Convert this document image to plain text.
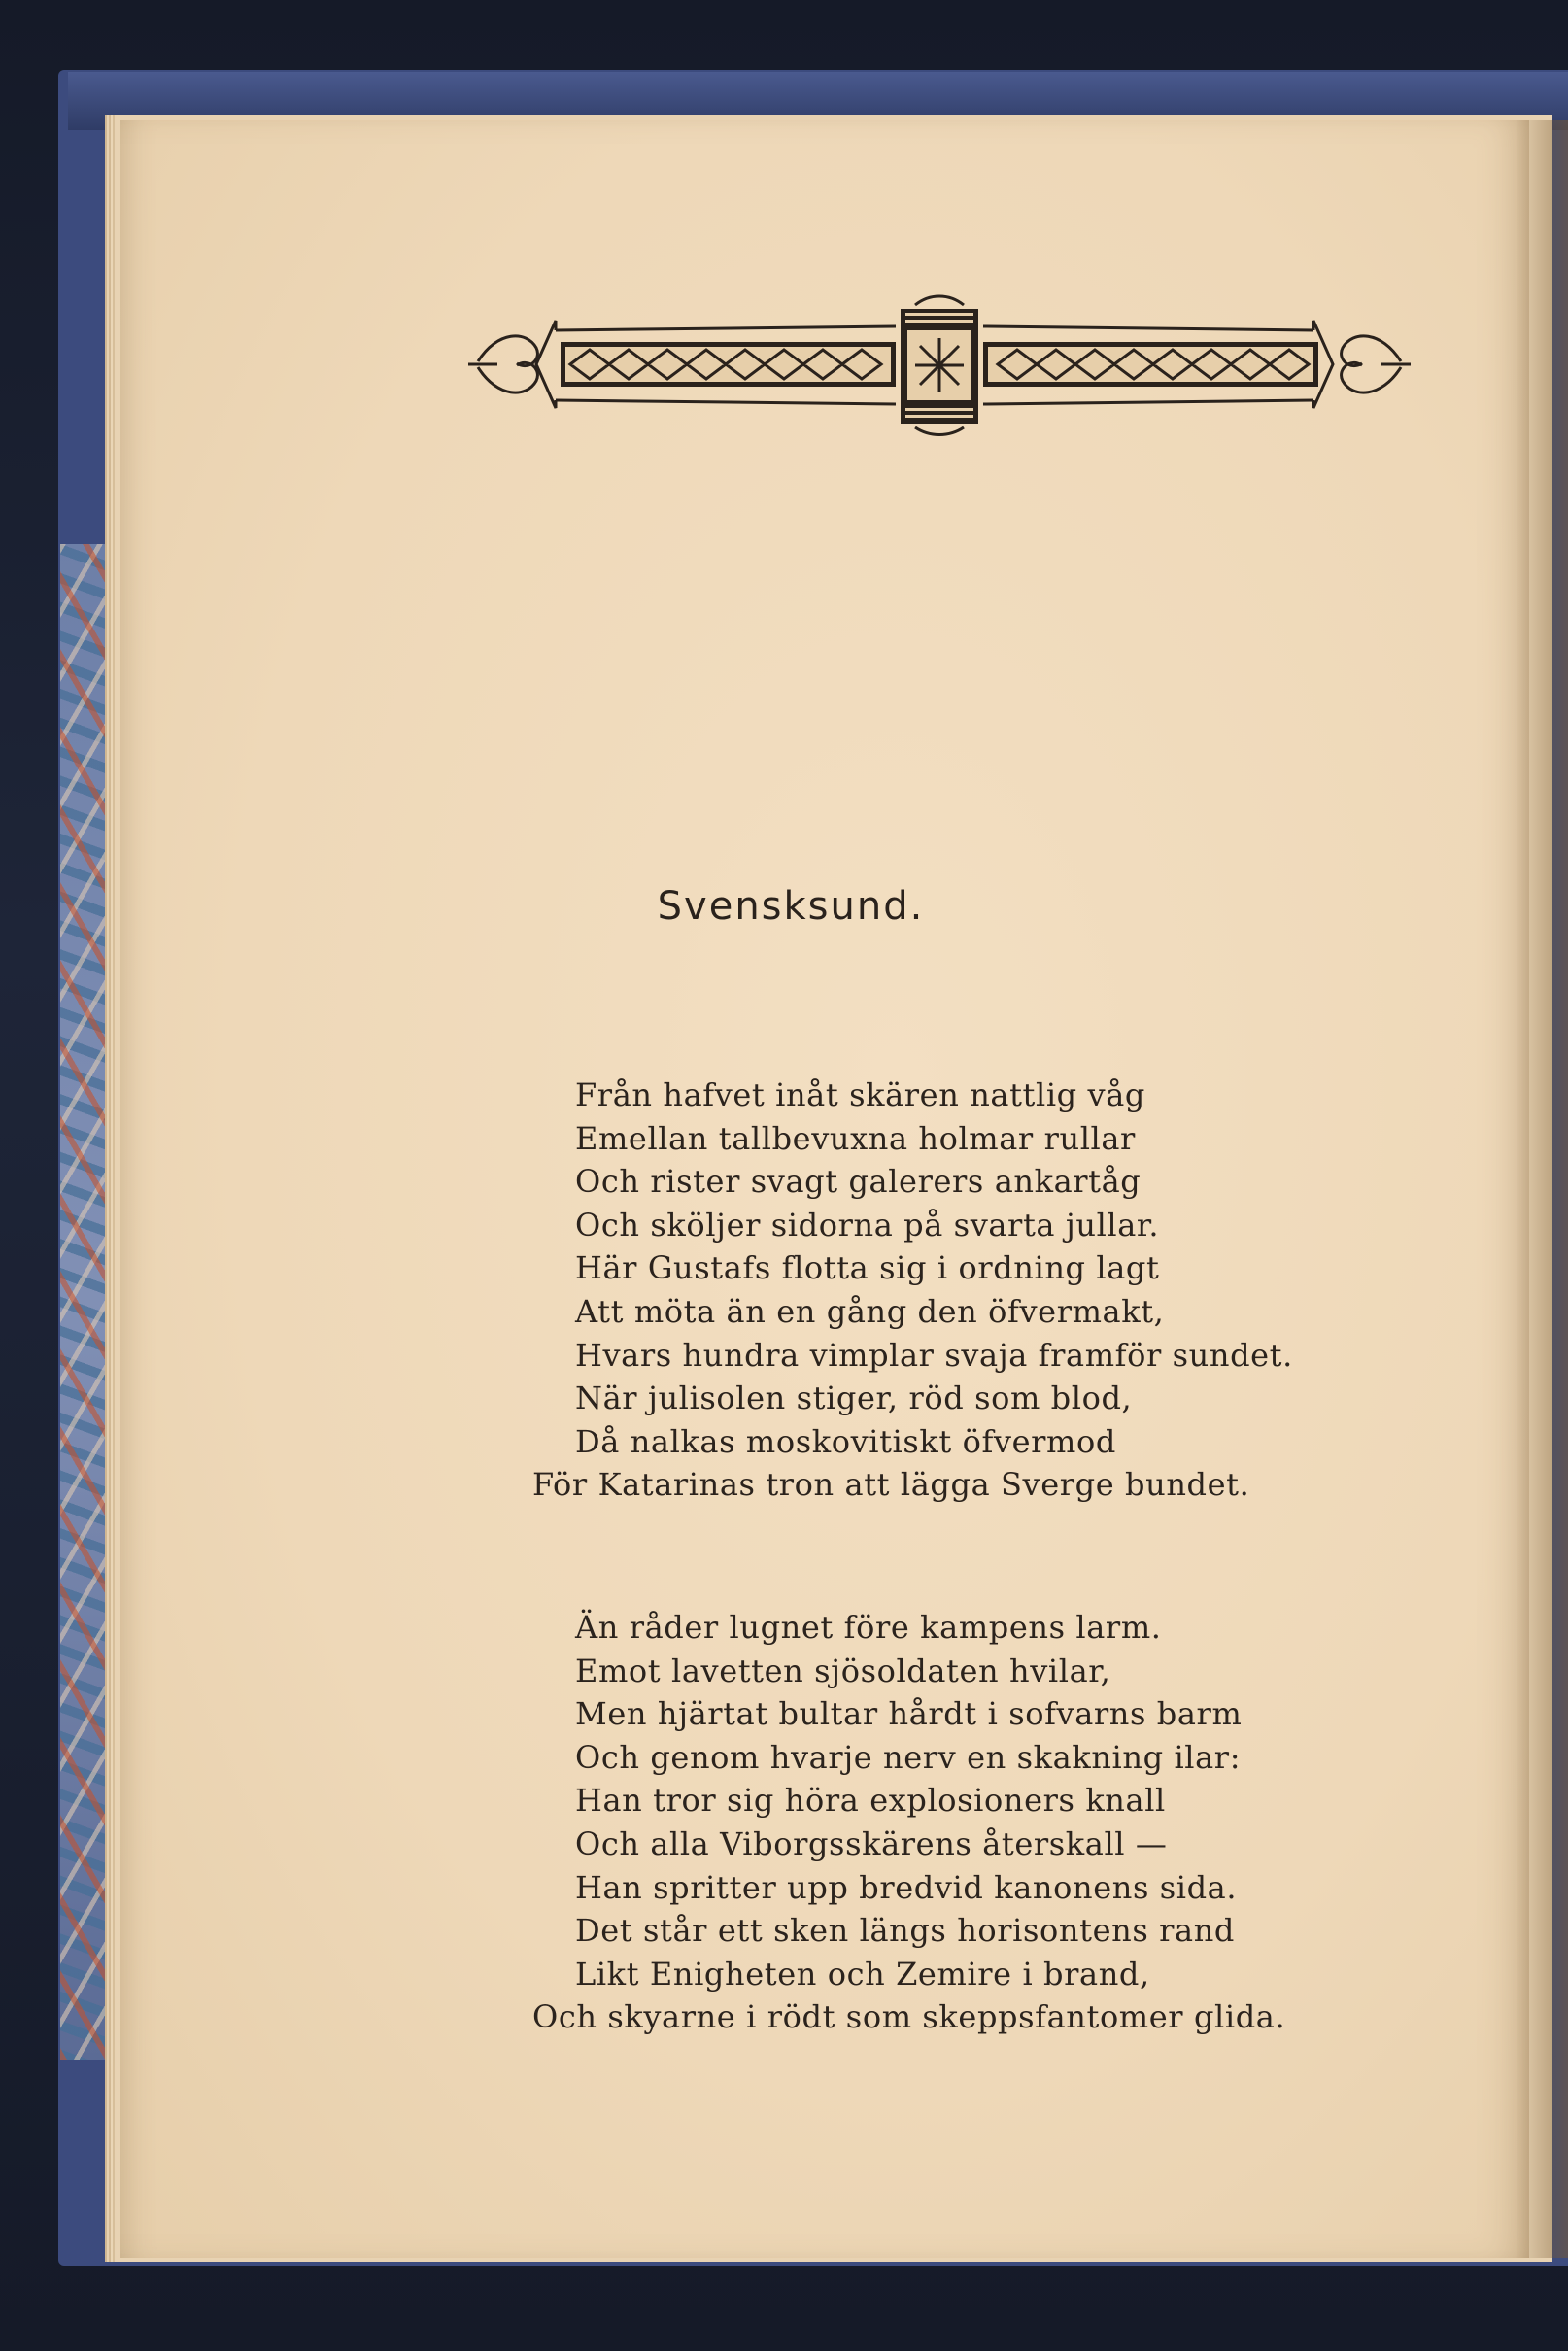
Svensksund.
Från hafvet inåt skären nattlig våg
Emellan tallbevuxna holmar rullar
Och rister svagt galerers ankartåg
Och sköljer sidorna på svarta jullar.
Här Gustafs flotta sig i ordning lagt
Att möta än en gång den öfvermakt,
Hvars hundra vimplar svaja framför sundet.
När julisolen stiger, röd som blod,
Då nalkas moskovitiskt öfvermod
För Katarinas tron att lägga Sverge bundet.
Än råder lugnet före kampens larm.
Emot lavetten sjösoldaten hvilar,
Men hjärtat bultar hårdt i sofvarns barm
Och genom hvarje nerv en skakning ilar:
Han tror sig höra explosioners knall
Och alla Viborgsskärens återskall —
Han spritter upp bredvid kanonens sida.
Det står ett sken längs horisontens rand
Likt Enigheten och Zemire i brand,
Och skyarne i rödt som skeppsfantomer glida.
